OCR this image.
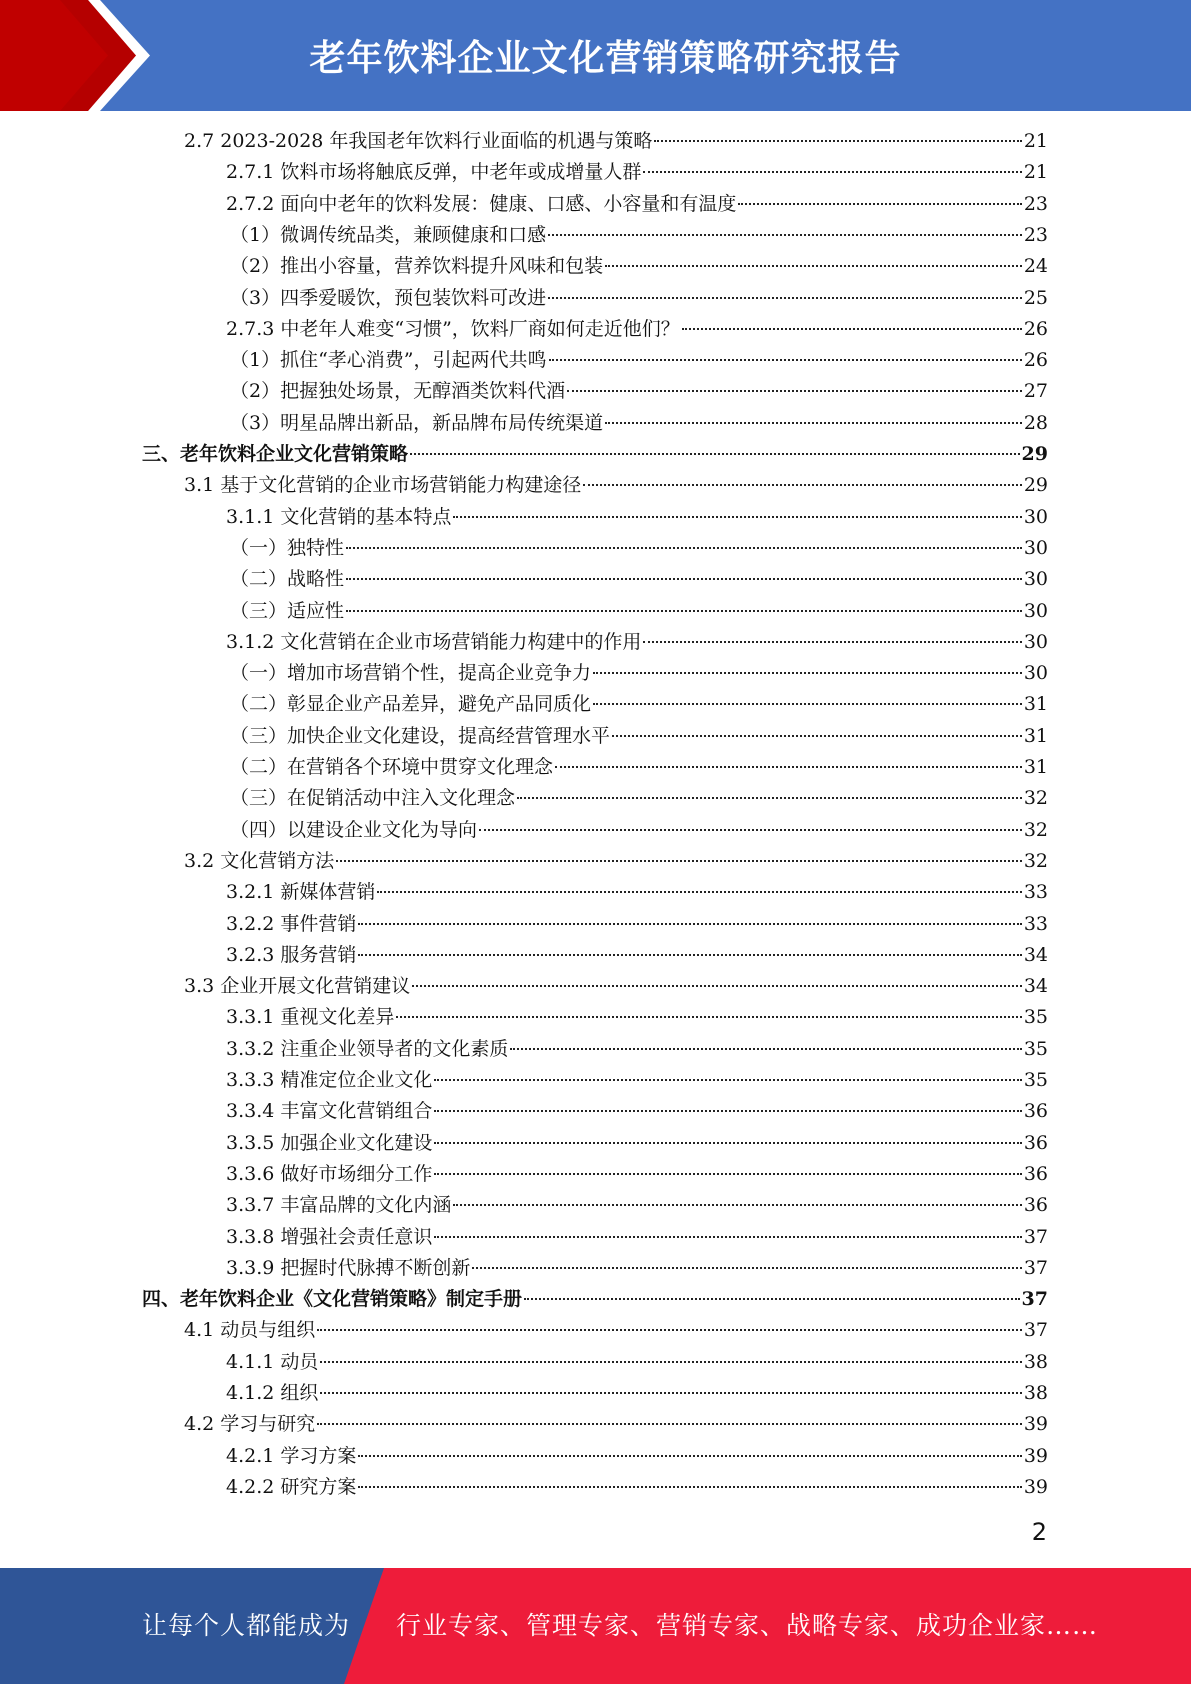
老年饮料企业文化营销策略研究报告
2.7 2023-2028 年我国老年饮料行业面临的机遇与策略	21
2.7.1 饮料市场将触底反弹，中老年或成增量人群	21
2.7.2 面向中老年的饮料发展：健康、口感、小容量和有温度	23
（1）微调传统品类，兼顾健康和口感	23
（2）推出小容量，营养饮料提升风味和包装	24
（3）四季爱暖饮，预包装饮料可改进	25
2.7.3 中老年人难变“习惯”，饮料厂商如何走近他们？	26
（1）抓住“孝心消费”，引起两代共鸣	26
（2）把握独处场景，无醇酒类饮料代酒	27
（3）明星品牌出新品，新品牌布局传统渠道	28
三、老年饮料企业文化营销策略	29
3.1 基于文化营销的企业市场营销能力构建途径	29
3.1.1 文化营销的基本特点	30
（一）独特性	30
（二）战略性	30
（三）适应性	30
3.1.2 文化营销在企业市场营销能力构建中的作用	30
（一）增加市场营销个性，提高企业竞争力	30
（二）彰显企业产品差异，避免产品同质化	31
（三）加快企业文化建设，提高经营管理水平	31
（二）在营销各个环境中贯穿文化理念	31
（三）在促销活动中注入文化理念	32
（四）以建设企业文化为导向	32
3.2 文化营销方法	32
3.2.1 新媒体营销	33
3.2.2 事件营销	33
3.2.3 服务营销	34
3.3 企业开展文化营销建议	34
3.3.1 重视文化差异	35
3.3.2 注重企业领导者的文化素质	35
3.3.3 精准定位企业文化	35
3.3.4 丰富文化营销组合	36
3.3.5 加强企业文化建设	36
3.3.6 做好市场细分工作	36
3.3.7 丰富品牌的文化内涵	36
3.3.8 增强社会责任意识	37
3.3.9 把握时代脉搏不断创新	37
四、老年饮料企业《文化营销策略》制定手册	37
4.1 动员与组织	37
4.1.1 动员	38
4.1.2 组织	38
4.2 学习与研究	39
4.2.1 学习方案	39
4.2.2 研究方案	39
2
让每个人都能成为 行业专家、管理专家、营销专家、战略专家、成功企业家……
